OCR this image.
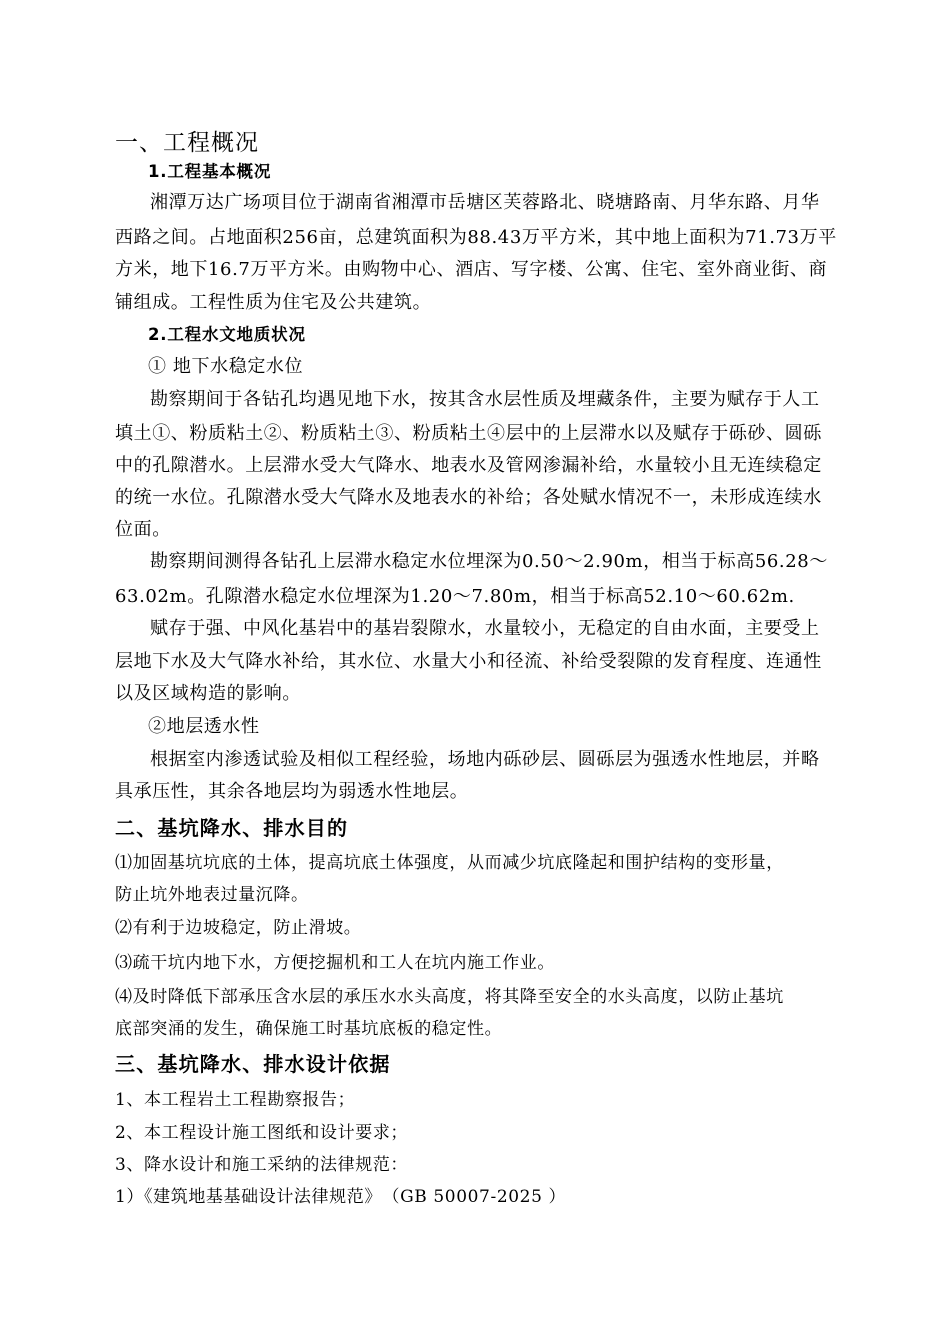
一、工程概况
1.工程基本概况
湘潭万达广场项目位于湖南省湘潭市岳塘区芙蓉路北、晓塘路南、月华东路、月华
西路之间。占地面积256亩，总建筑面积为88.43万平方米，其中地上面积为71.73万平
方米，地下16.7万平方米。由购物中心、酒店、写字楼、公寓、住宅、室外商业街、商
铺组成。工程性质为住宅及公共建筑。
2.工程水文地质状况
① 地下水稳定水位
勘察期间于各钻孔均遇见地下水，按其含水层性质及埋藏条件，主要为赋存于人工
填土①、粉质粘土②、粉质粘土③、粉质粘土④层中的上层滞水以及赋存于砾砂、圆砾
中的孔隙潜水。上层滞水受大气降水、地表水及管网渗漏补给，水量较小且无连续稳定
的统一水位。孔隙潜水受大气降水及地表水的补给；各处赋水情况不一，未形成连续水
位面。
勘察期间测得各钻孔上层滞水稳定水位埋深为0.50～2.90m，相当于标高56.28～
63.02m。孔隙潜水稳定水位埋深为1.20～7.80m，相当于标高52.10～60.62m.
赋存于强、中风化基岩中的基岩裂隙水，水量较小，无稳定的自由水面，主要受上
层地下水及大气降水补给，其水位、水量大小和径流、补给受裂隙的发育程度、连通性
以及区域构造的影响。
②地层透水性
根据室内渗透试验及相似工程经验，场地内砾砂层、圆砾层为强透水性地层，并略
具承压性，其余各地层均为弱透水性地层。
二、基坑降水、排水目的
⑴加固基坑坑底的土体，提高坑底土体强度，从而减少坑底隆起和围护结构的变形量，
防止坑外地表过量沉降。
⑵有利于边坡稳定，防止滑坡。
⑶疏干坑内地下水，方便挖掘机和工人在坑内施工作业。
⑷及时降低下部承压含水层的承压水水头高度，将其降至安全的水头高度，以防止基坑
底部突涌的发生，确保施工时基坑底板的稳定性。
三、基坑降水、排水设计依据
1、本工程岩土工程勘察报告；
2、本工程设计施工图纸和设计要求；
3、降水设计和施工采纳的法律规范：
1）《建筑地基基础设计法律规范》　（GB 50007-2025 ）
